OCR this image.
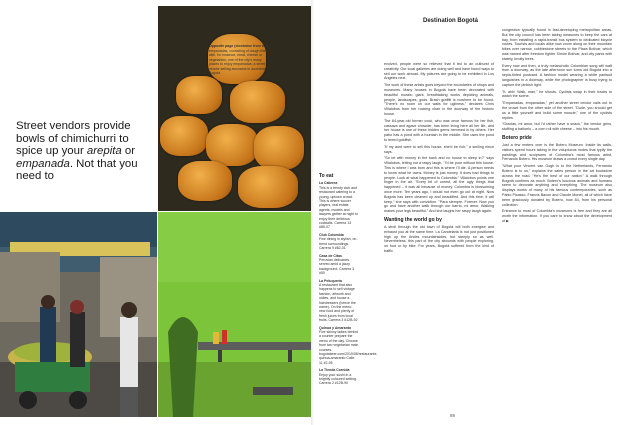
Street vendors provide bowls of chimichurri to spice up your arepita or empanada. Not that you need to
Opposite page (clockwise from top): empanadas, consisting of dough filled with, for instance, meat, cheese or vegetables; one of the city's many places to enjoy empanadas; a street vendor selling avocados in downtown Bogotá
Destination Bogotá
To eat
La Cabrera
This is a trendy club and restaurant catering to a young, uptown crowd. This is where soccer players, real estate agents, models and lawyers gather at night to enjoy their delicious cocktails. Carrera 13 #85-07
Club Colombia
Fine dining in stylish, on-trend surroundings. Carrera 9 #82-01
Casa de Citas
Peruvian delicacies served amid a jazzy background. Carrera 3 #50
La Peluquería
A restaurant that also happens to sell vintage fashion, artwork and oldies, and house a hairdressers (hence the name). On the menu: new food and plenty of fresh juices from local fruits. Carrera 3 #12B-92
Quinua y Amaranto
Five skinny ladies behind a counter prepare the menu of the day. Choose from two vegetarian main courses. bogotabeer.com/2019/08/restaurante-quinua-amaranto Calle 11 #2-95
La Tienda Cornida
Enjoy your sushi in a brightly coloured setting. Carrera 2 #12B-90

evolved, people were so relieved that it led to an outburst of creativity. Our local galleries are doing well and have found ways to sell our work abroad. My pictures are going to be exhibited in Los Angeles next.

The work of these artists goes beyond the boundaries of shops and museums. Many houses in Bogotá have been decorated with beautiful murals: giant, breathtaking works depicting animals, people, landscapes, gods. Brash graffiti is nowhere to be found. "There's no room on our walls for ugliness," declares Chris Villalobos from her rocking chair in the doorway of the historic house.

The 64-year-old former cook, who was once famous for her fish, cassava and agave chowder, has been living here all her life, and her house is one of these hidden gems hemmed in by others. Her patio has a pond with a fountain in the middle. She uses the pond to breed goldfish.

"If my aunt were to sell this house, she'd be rich," a smiling niece says.

"So let with money in the bank and no house to sleep in?" says Villalobos, letting out a raspy laugh. "I'd be poor without this house. This is where I was born and this is where I'll die. A person needs to know what he owns. Money is just money. It does bad things to people. Look at what happened to Colombia." Villalobos points one finger in the air. "Every bit of unrest, all the ugly things that happened – it was all because of money. Colombia is blossoming once more. Ten years ago, I would not even go out at night. Now Bogotá has been cleaned up and beautified. And this time, it will keep," she says with conviction. "Para siempre. Forever. Now you go and have another walk through our barrio, mi amor. Walking makes your legs beautiful." And she laughs her raspy laugh again.

Wanting the world go by

A stroll through the old town of Bogotá will both energise and exhaust you at the same time. La Candelaria is not just positioned high up the Andes mountainsides, but steeply so as well. Nevertheless, this part of the city abounds with people exploring, on foot or by bike. For years, Bogotá suffered from the kind of traffic

congestion typically found in fast-developing metropolitan areas. But the city council has been taking measures to keep the cars at bay, from installing a rapid-transit bus system to dedicated bicycle routes. Tourists and locals alike now zoom along on their mountain bikes over narrow, cobblestone streets to the Plaza Bolívar, which was named after freedom fighter Simón Bolívar, and city parks with stately, knotty trees.

Every now and then, a truly melancholic Colombian song will waft from a doorway, as the late afternoon sun turns old Bogotá into a sepia-tinted postcard. A fashion model wearing a white pantsuit languishes in a doorway, while the photographer is busy trying to capture the pinkish light.

"It, ahh! Walk, man," he shouts. Cyclists swap in their tracks to watch the scene.

"Empanadas, empanadas," yet another street vendor calls out to the crowd from the other side of the street. "Dude, you should get us a little yourself and build some muscle," one of the cyclists replies.

"Gracias, mi amor, but I'd rather have a snack," the vendor grins, stuffing a bañuelo – a corn roll with cheese – into his mouth.

Botero pride

Just a few meters over is the Botero Museum. Inside its walls, visitors spend hours taking in the voluptuous nudes that typify the paintings and sculptures of Colombia's most famous artist, Fernando Botero. His museum draws a crowd every single day.

"What your Vincent van Gogh is to the Netherlands, Fernando Botero is to us," explains the sales person in the art bookstore across the road. "He's the best of our nation." A walk through Bogotá confirms as much. Botero's luscious animals and humans seem to decorate anything and everything. The museum also displays works of many of his famous contemporaries, such as Pablo Picasso, Francis Bacon and Claude Monet, all of which have been graciously donated by Botero, now 84, from his personal collection.

Entrance to most of Colombia's museums is free and they are all worth the information. If you care to know about the development of ▶

89
